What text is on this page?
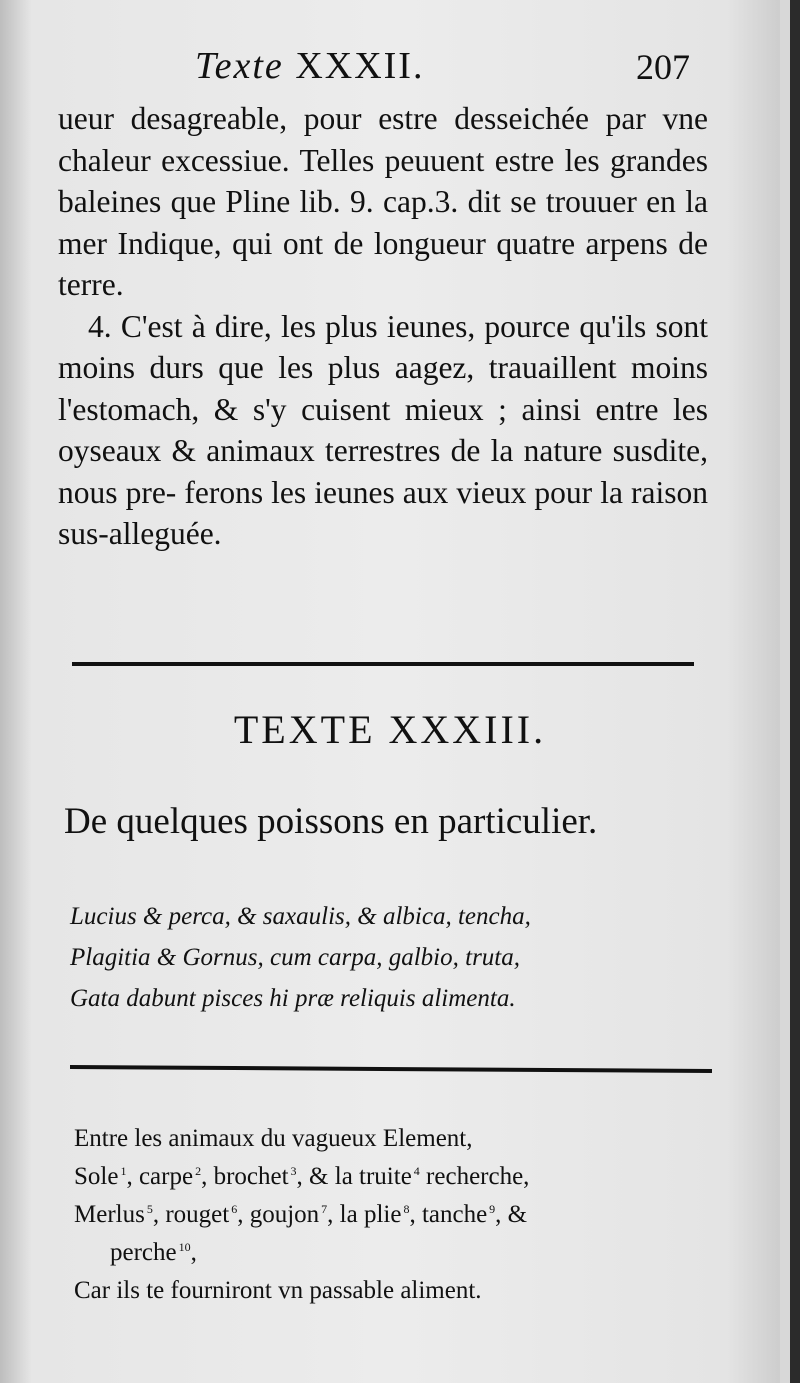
Texte XXXII.	207

ueur desagreable, pour estre desseichée par vne chaleur excessiue. Telles peuuent estre les grandes baleines que Pline lib. 9. cap.3. dit se trouuer en la mer Indique, qui ont de longueur quatre arpens de terre.

4. C'est à dire, les plus ieunes, pource qu'ils sont moins durs que les plus aagez, trauaillent moins l'estomach, & s'y cuisent mieux ; ainsi entre les oyseaux & animaux terrestres de la nature susdite, nous pre- ferons les ieunes aux vieux pour la raison sus-alleguée.

TEXTE XXXIII.
De quelques poissons en particulier.
Lucius & perca, & saxaulis, & albica, tencha,
Plagitia & Gornus, cum carpa, galbio, truta,
Gata dabunt pisces hi præ reliquis alimenta.
Entre les animaux du vagueux Element,
Sole $^1$, carpe $^2$, brochet $^3$, & la truite $^4$ recherche,
Merlus $^5$, rouget $^6$, goujon $^7$, la plie $^8$, tanche $^9$, &
perche $^{10}$,
Car ils te fourniront vn passable aliment.
